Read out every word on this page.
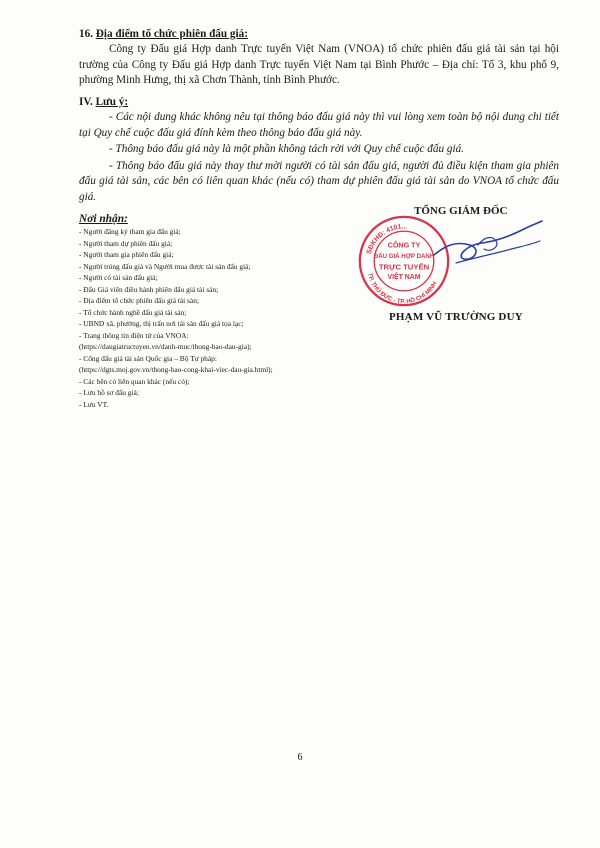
16. Địa điểm tổ chức phiên đấu giá:

Công ty Đấu giá Hợp danh Trực tuyến Việt Nam (VNOA) tổ chức phiên đấu giá tài sản tại hội trường của Công ty Đấu giá Hợp danh Trực tuyến Việt Nam tại Bình Phước – Địa chỉ: Tổ 3, khu phố 9, phường Minh Hưng, thị xã Chơn Thành, tỉnh Bình Phước.

IV. Lưu ý:

- Các nội dung khác không nêu tại thông báo đấu giá này thì vui lòng xem toàn bộ nội dung chi tiết tại Quy chế cuộc đấu giá đính kèm theo thông báo đấu giá này.

- Thông báo đấu giá này là một phần không tách rời với Quy chế cuộc đấu giá.

- Thông báo đấu giá này thay thư mời người có tài sản đấu giá, người đủ điều kiện tham gia phiên đấu giá tài sản, các bên có liên quan khác (nếu có) tham dự phiên đấu giá tài sản do VNOA tổ chức đấu giá.

Nơi nhận:
- Người đăng ký tham gia đấu giá;
- Người tham dự phiên đấu giá;
- Người tham gia phiên đấu giá;
- Người trúng đấu giá và Người mua được tài sản đấu giá;
- Người có tài sản đấu giá;
- Đấu Giá viên điều hành phiên đấu giá tài sản;
- Địa điểm tổ chức phiên đấu giá tài sản;
- Tổ chức hành nghề đấu giá tài sản;
- UBND xã, phường, thị trấn nơi tài sản đấu giá tọa lạc;
- Trang thông tin điện tử của VNOA:
(https://daugiatructuyen.vn/danh-muc/thong-bao-dau-gia);
- Cổng đấu giá tài sản Quốc gia – Bộ Tư pháp:
(https://dgts.moj.gov.vn/thong-bao-cong-khai-viec-dau-gia.html);
- Các bên có liên quan khác (nếu có);
- Lưu hồ sơ đấu giá;
- Lưu VT.
SĐKHĐ: 4101...
TP. THỦ ĐỨC - TP. HỒ CHÍ MINH
CÔNG TY
ĐẤU GIÁ HỢP DANH
TRỰC TUYẾN
VIỆT NAM
TỔNG GIÁM ĐỐC
PHẠM VŨ TRƯỜNG DUY
6
